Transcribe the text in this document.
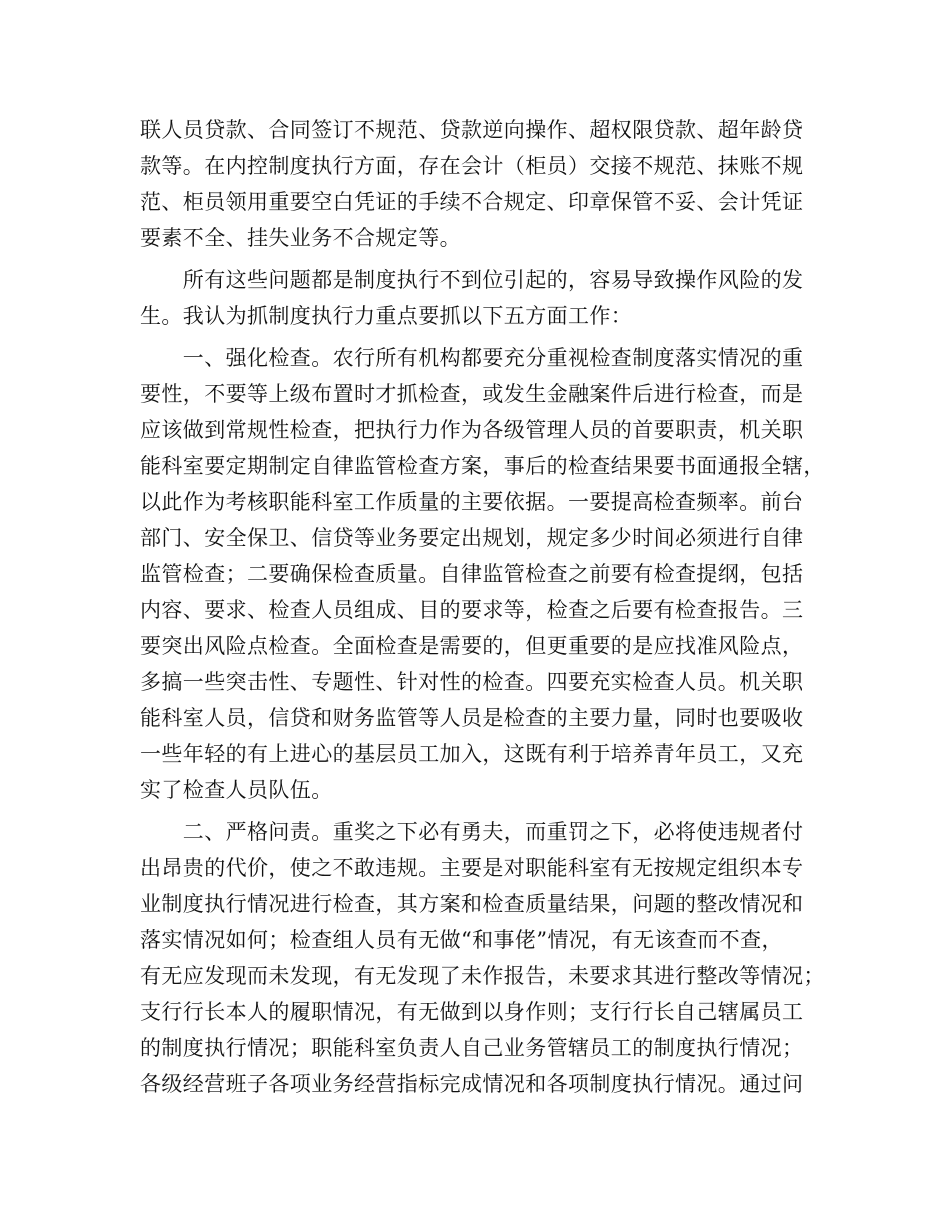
联人员贷款、合同签订不规范、贷款逆向操作、超权限贷款、超年龄贷
款等。在内控制度执行方面，存在会计（柜员）交接不规范、抹账不规
范、柜员领用重要空白凭证的手续不合规定、印章保管不妥、会计凭证
要素不全、挂失业务不合规定等。
　　所有这些问题都是制度执行不到位引起的，容易导致操作风险的发
生。我认为抓制度执行力重点要抓以下五方面工作：
　　一、强化检查。农行所有机构都要充分重视检查制度落实情况的重
要性，不要等上级布置时才抓检查，或发生金融案件后进行检查，而是
应该做到常规性检查，把执行力作为各级管理人员的首要职责，机关职
能科室要定期制定自律监管检查方案，事后的检查结果要书面通报全辖，
以此作为考核职能科室工作质量的主要依据。一要提高检查频率。前台
部门、安全保卫、信贷等业务要定出规划，规定多少时间必须进行自律
监管检查；二要确保检查质量。自律监管检查之前要有检查提纲，包括
内容、要求、检查人员组成、目的要求等，检查之后要有检查报告。三
要突出风险点检查。全面检查是需要的，但更重要的是应找准风险点，
多搞一些突击性、专题性、针对性的检查。四要充实检查人员。机关职
能科室人员，信贷和财务监管等人员是检查的主要力量，同时也要吸收
一些年轻的有上进心的基层员工加入，这既有利于培养青年员工，又充
实了检查人员队伍。
　　二、严格问责。重奖之下必有勇夫，而重罚之下，必将使违规者付
出昂贵的代价，使之不敢违规。主要是对职能科室有无按规定组织本专
业制度执行情况进行检查，其方案和检查质量结果，问题的整改情况和
落实情况如何；检查组人员有无做“和事佬”情况，有无该查而不查，
有无应发现而未发现，有无发现了未作报告，未要求其进行整改等情况；
支行行长本人的履职情况，有无做到以身作则；支行行长自己辖属员工
的制度执行情况；职能科室负责人自己业务管辖员工的制度执行情况；
各级经营班子各项业务经营指标完成情况和各项制度执行情况。通过问
